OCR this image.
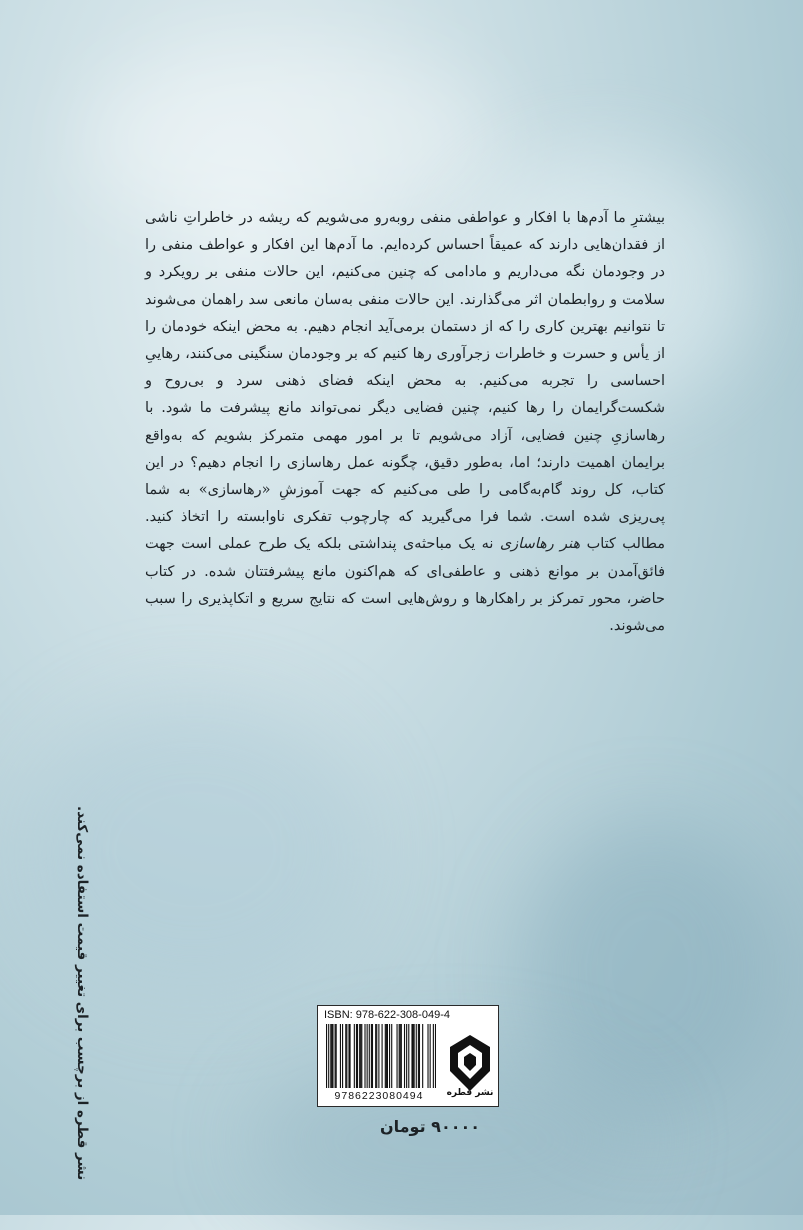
بیشترِ ما آدم‌ها با افکار و عواطفی منفی رو‌به‌رو می‌شویم که ریشه در خاطراتِ ناشی از فقدان‌هایی دارند که عمیقاً احساس کرده‌ایم. ما آدم‌ها این افکار و عواطف منفی را در وجودمان نگه می‌داریم و مادامی که چنین می‌کنیم، این حالات منفی بر رویکرد و سلامت و روابطمان اثر می‌گذارند. این حالات منفی به‌سان مانعی سد راهمان می‌شوند تا نتوانیم بهترین کاری را که از دستمان برمی‌آید انجام دهیم. به محض اینکه خودمان را از یأس و حسرت و خاطرات زجرآوری رها کنیم که بر وجودمان سنگینی می‌کنند، رهاییِ احساسی را تجربه می‌کنیم. به محض اینکه فضای ذهنی سرد و بی‌روح و شکست‌گرایمان را رها کنیم، چنین فضایی دیگر نمی‌تواند مانع پیشرفت ما شود. با رهاسازیِ چنین فضایی، آزاد می‌شویم تا بر امور مهمی متمرکز بشویم که به‌واقع برایمان اهمیت دارند؛ اما، به‌طور دقیق، چگونه عمل رهاسازی را انجام دهیم؟ در این کتاب، کل روند گام‌به‌گامی را طی می‌کنیم که جهت آموزشِ «رهاسازی» به شما پی‌ریزی شده است. شما فرا می‌گیرید که چارچوب تفکری ناوابسته را اتخاذ کنید. مطالب کتاب هنر رهاسازی نه یک مباحثه‌ی پنداشتی بلکه یک طرح عملی است جهت فائق‌آمدن بر موانع ذهنی و عاطفی‌ای که هم‌اکنون مانع پیشرفتتان شده. در کتاب حاضر، محور تمرکز بر راهکارها و روش‌هایی است که نتایج سریع و اتکاپذیری را سبب می‌شوند.
نشر قطره از برچسب برای تغییر قیمت استفاده نمی‌کند.	ISBN: 978-622-308-049-4
9786223080494	نشر قطره
۹۰۰۰۰ تومان
